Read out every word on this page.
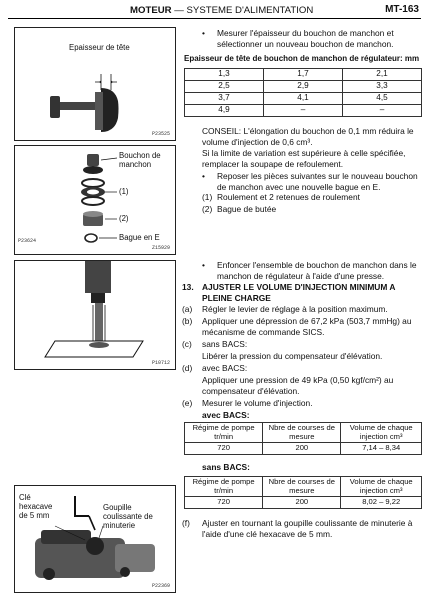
MOTEUR — SYSTEME D'ALIMENTATION	MT-163
Epaisseur de tête
P23525
Bouchon de manchon
(1)
(2)
Bague en E
P23624
Z15929
P10712
Clé hexacave de 5 mm
Goupille coulissante de minuterie
P22369
• Mesurer l'épaisseur du bouchon de manchon et sélectionner un nouveau bouchon de manchon.
Epaisseur de tête de bouchon de manchon de régulateur: mm
1,3	1,7	2,1
2,5	2,9	3,3
3,7	4,1	4,5
4,9	–	–
CONSEIL: L'élongation du bouchon de 0,1 mm réduira le volume d'injection de 0,6 cm³.
Si la limite de variation est supérieure à celle spécifiée, remplacer la soupape de refoulement.
• Reposer les pièces suivantes sur le nouveau bouchon de manchon avec une nouvelle bague en E.
(1) Roulement et 2 retenues de roulement
(2) Bague de butée
• Enfoncer l'ensemble de bouchon de manchon dans le manchon de régulateur à l'aide d'une presse.
13. AJUSTER LE VOLUME D'INJECTION MINIMUM A PLEINE CHARGE
(a) Régler le levier de réglage à la position maximum.
(b) Appliquer une dépression de 67,2 kPa (503,7 mmHg) au mécanisme de commande SICS.
(c) sans BACS:
Libérer la pression du compensateur d'élévation.
(d) avec BACS:
Appliquer une pression de 49 kPa (0,50 kgf/cm²) au compensateur d'élévation.
(e) Mesurer le volume d'injection.
avec BACS:
Régime de pompe tr/min	Nbre de courses de mesure	Volume de chaque injection cm³
720	200	7,14 – 8,34
sans BACS:
Régime de pompe tr/min	Nbre de courses de mesure	Volume de chaque injection cm³
720	200	8,02 – 9,22
(f) Ajuster en tournant la goupille coulissante de minuterie à l'aide d'une clé hexacave de 5 mm.
